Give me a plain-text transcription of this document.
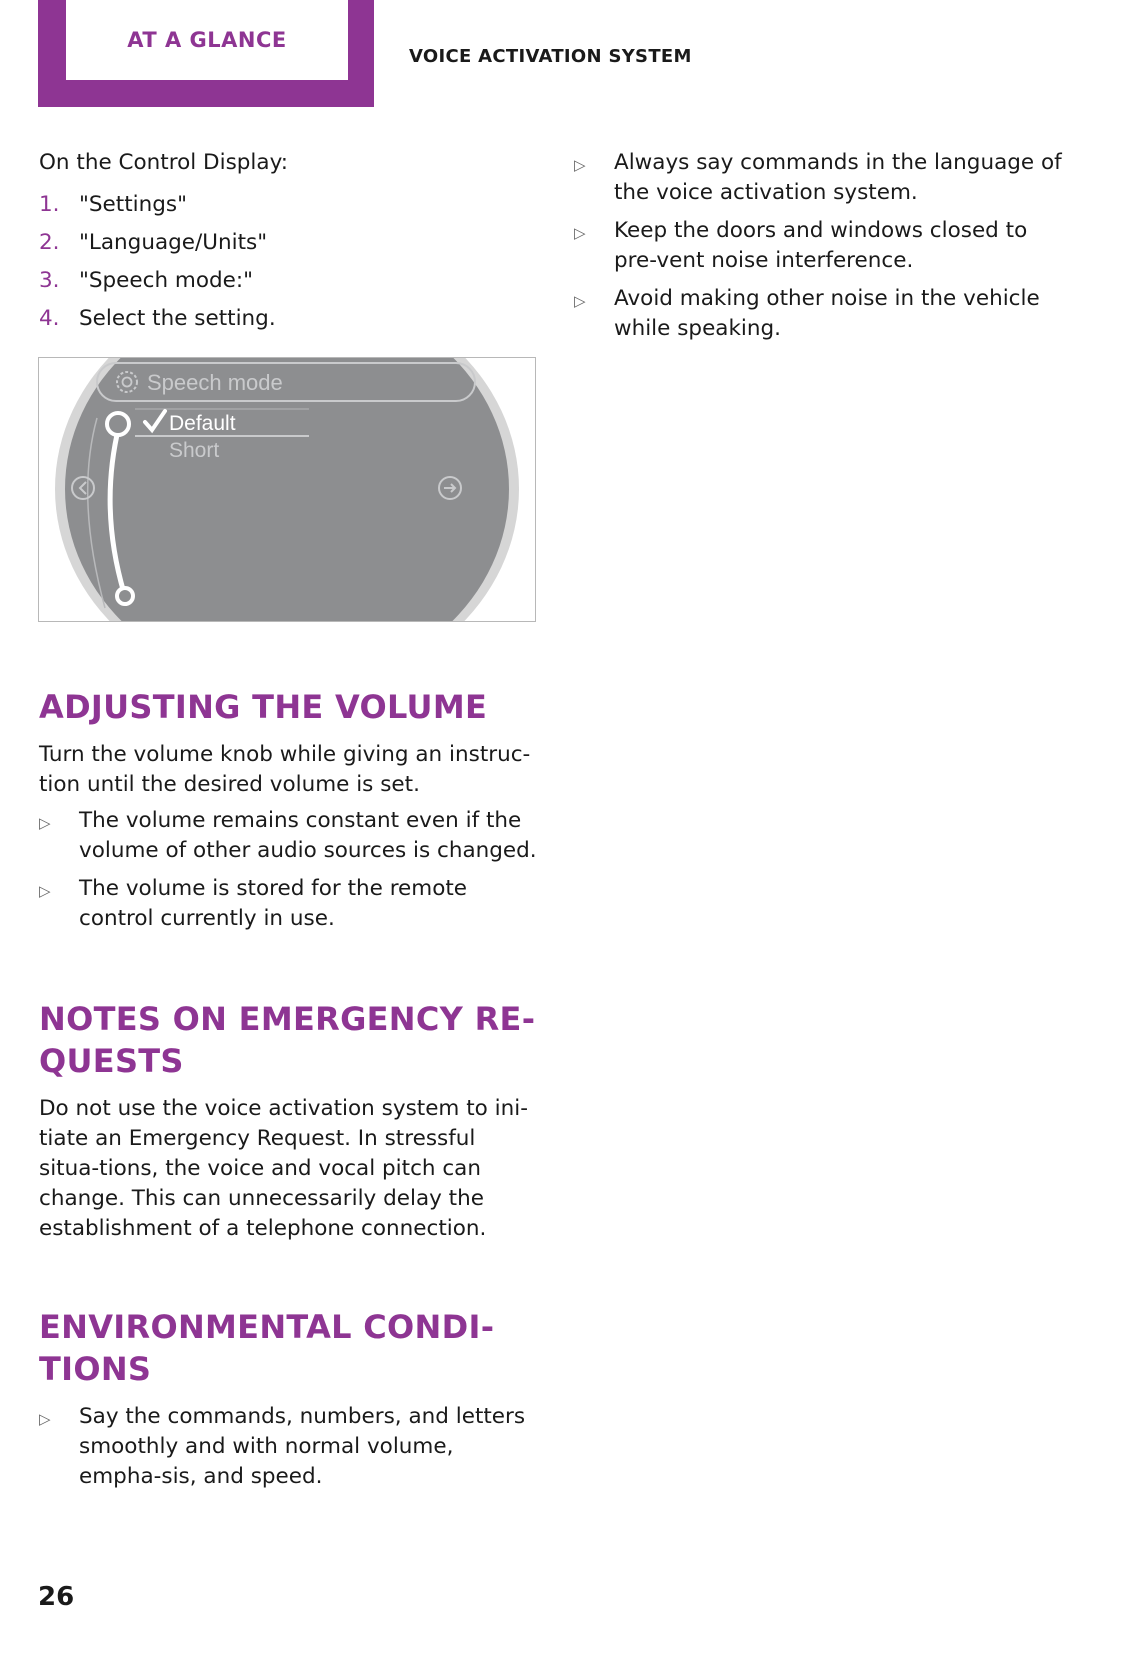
AT A GLANCE
VOICE ACTIVATION SYSTEM

On the Control Display:

1. "Settings"
2. "Language/Units"
3. "Speech mode:"
4. Select the setting.
Speech mode
Default
Short
ADJUSTING THE VOLUME

Turn the volume knob while giving an instruc-tion until the desired volume is set.

▷	The volume remains constant even if the volume of other audio sources is changed.
▷	The volume is stored for the remote control currently in use.
NOTES ON EMERGENCY RE-
QUESTS

Do not use the voice activation system to ini-tiate an Emergency Request. In stressful situa-tions, the voice and vocal pitch can change. This can unnecessarily delay the establishment of a telephone connection.

ENVIRONMENTAL CONDI-
TIONS
▷	Say the commands, numbers, and letters smoothly and with normal volume, empha-sis, and speed.
▷	Always say commands in the language of the voice activation system.
▷	Keep the doors and windows closed to pre-vent noise interference.
▷	Avoid making other noise in the vehicle while speaking.
26
